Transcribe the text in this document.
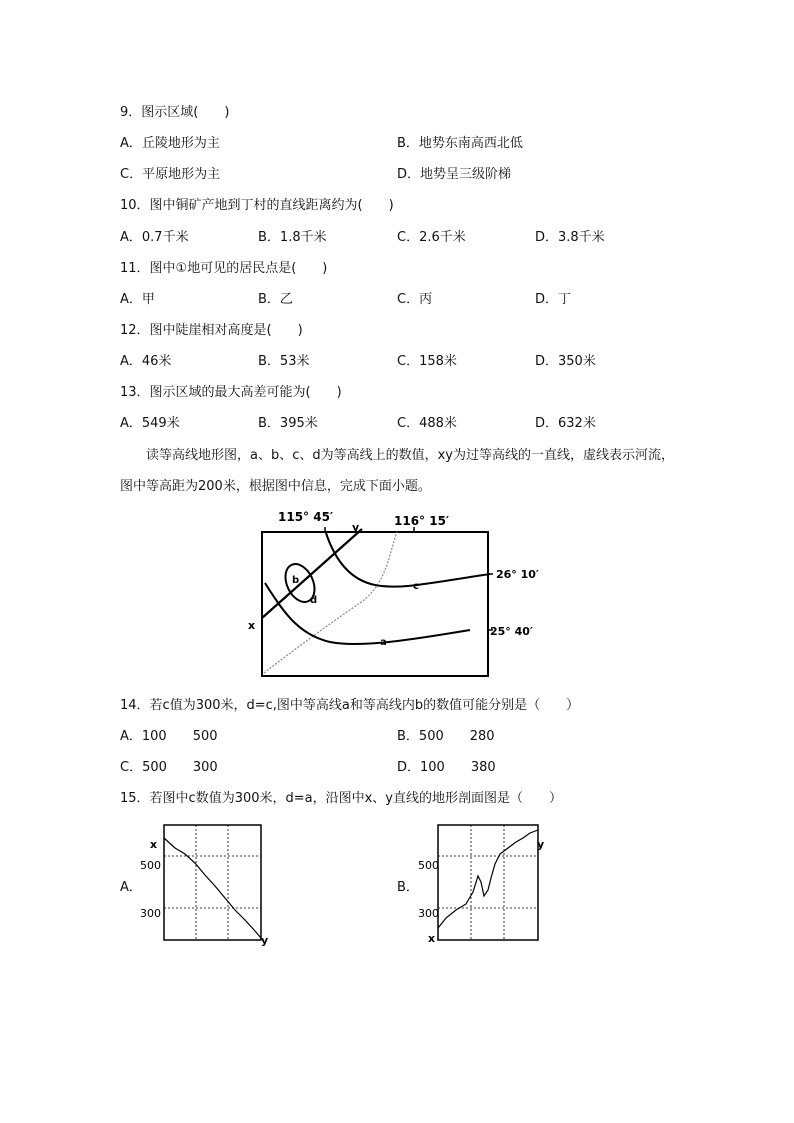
9．图示区域(　　)
A．丘陵地形为主	B．地势东南高西北低
C．平原地形为主	D．地势呈三级阶梯
10．图中铜矿产地到丁村的直线距离约为(　　)
A．0.7千米	B．1.8千米	C．2.6千米	D．3.8千米
11．图中①地可见的居民点是(　　)
A．甲	B．乙	C．丙	D．丁
12．图中陡崖相对高度是(　　)
A．46米	B．53米	C．158米	D．350米
13．图示区域的最大高差可能为(　　)
A．549米	B．395米	C．488米	D．632米
读等高线地形图，a、b、c、d为等高线上的数值，xy为过等高线的一直线，虚线表示河流，图中等高距为200米，根据图中信息，完成下面小题。
115° 45′	116° 15′
26° 10′
25° 40′
x
y
a
b
c
d
14．若c值为300米，d=c,图中等高线a和等高线内b的数值可能分别是（　　）
A．100　　500	B．500　　280
C．500　　300	D．100　　380
15．若图中c数值为300米，d=a，沿图中x、y直线的地形剖面图是（　　）
A．	B．
x
y
500
300
x
y
500
300
